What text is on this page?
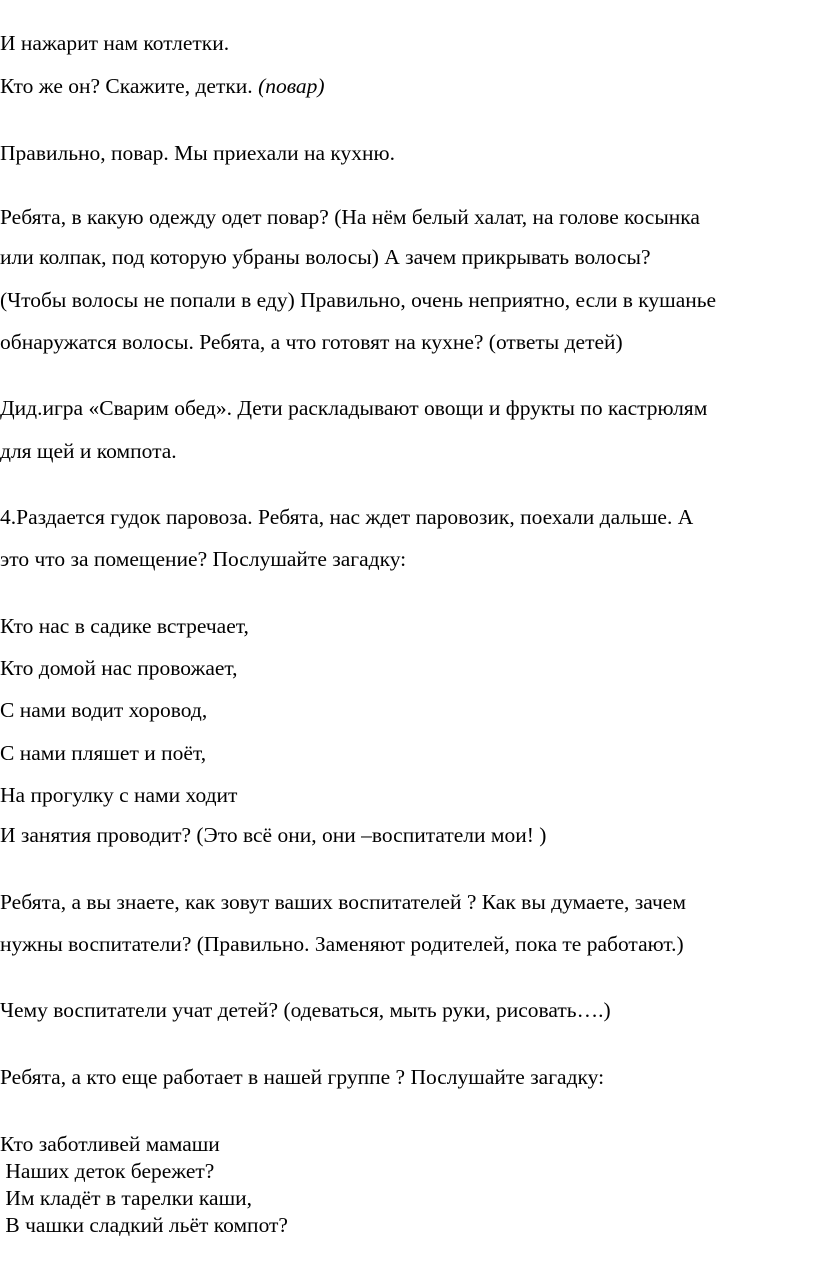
И нажарит нам котлетки.
Кто же он? Скажите, детки. (повар)
Правильно, повар. Мы приехали на кухню.
Ребята, в какую одежду одет повар? (На нём белый халат, на голове косынка
или колпак, под которую убраны волосы) А зачем прикрывать волосы?
(Чтобы волосы не попали в еду) Правильно, очень неприятно, если в кушанье
обнаружатся волосы. Ребята, а что готовят на кухне? (ответы детей)
Дид.игра «Сварим обед». Дети раскладывают овощи и фрукты по кастрюлям
для щей и компота.
4.Раздается гудок паровоза. Ребята, нас ждет паровозик, поехали дальше. А
это что за помещение? Послушайте загадку:
Кто нас в садике встречает,
Кто домой нас провожает,
С нами водит хоровод,
С нами пляшет и поёт,
На прогулку с нами ходит
И занятия проводит? (Это всё они, они –воспитатели мои! )
Ребята, а вы знаете, как зовут ваших воспитателей ? Как вы думаете, зачем
нужны воспитатели? (Правильно. Заменяют родителей, пока те работают.)
Чему воспитатели учат детей? (одеваться, мыть руки, рисовать….)
Ребята, а кто еще работает в нашей группе ? Послушайте загадку:
Кто заботливей мамаши
Наших деток бережет?
Им кладёт в тарелки каши,
В чашки сладкий льёт компот?
